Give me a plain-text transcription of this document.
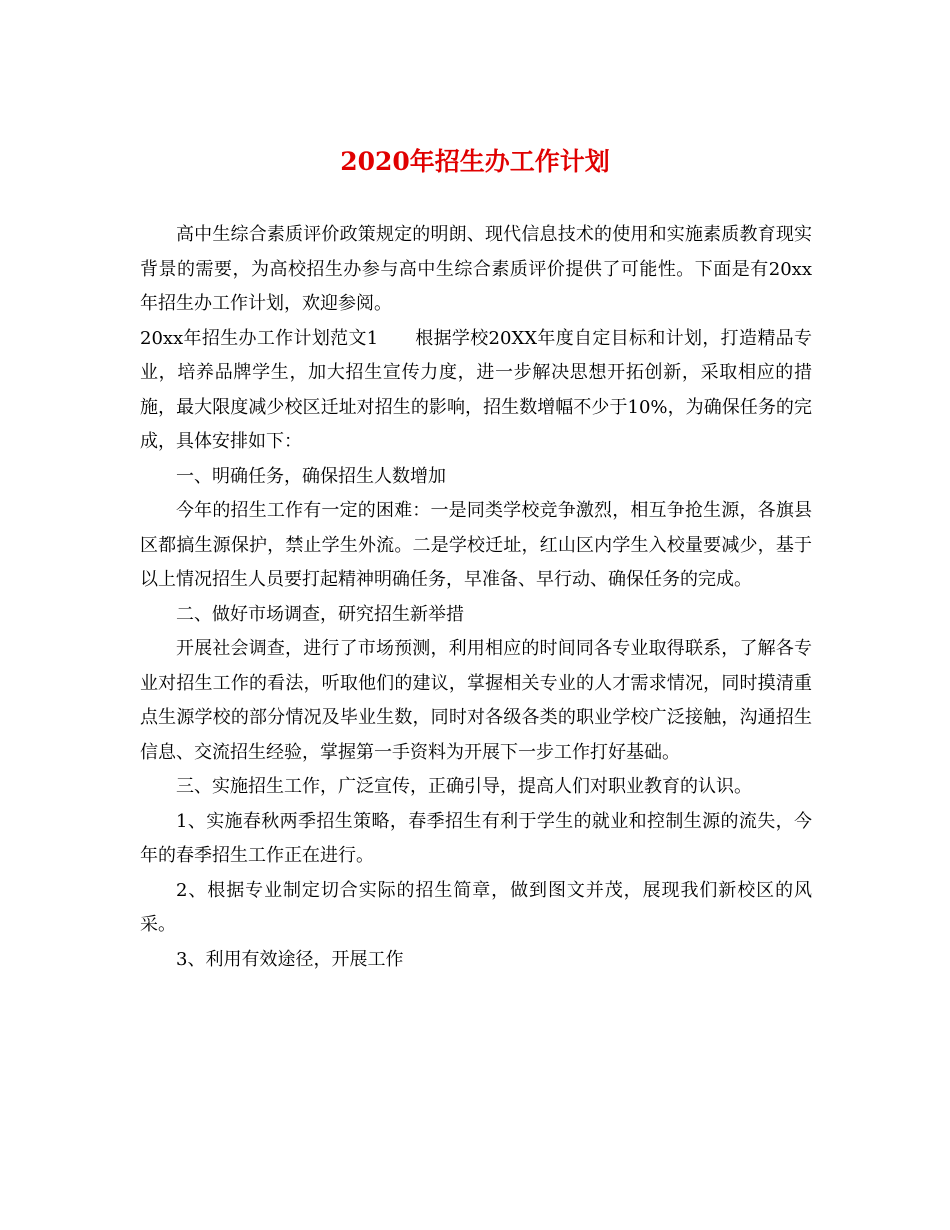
2020年招生办工作计划

高中生综合素质评价政策规定的明朗、现代信息技术的使用和实施素质教育现实背景的需要，为高校招生办参与高中生综合素质评价提供了可能性。下面是有20xx年招生办工作计划，欢迎参阅。

20xx年招生办工作计划范文1　　根据学校20XX年度自定目标和计划，打造精品专业，培养品牌学生，加大招生宣传力度，进一步解决思想开拓创新，采取相应的措施，最大限度减少校区迁址对招生的影响，招生数增幅不少于10%，为确保任务的完成，具体安排如下：

一、明确任务，确保招生人数增加

今年的招生工作有一定的困难：一是同类学校竞争激烈，相互争抢生源，各旗县区都搞生源保护，禁止学生外流。二是学校迁址，红山区内学生入校量要减少，基于以上情况招生人员要打起精神明确任务，早准备、早行动、确保任务的完成。

二、做好市场调查，研究招生新举措

开展社会调查，进行了市场预测，利用相应的时间同各专业取得联系，了解各专业对招生工作的看法，听取他们的建议，掌握相关专业的人才需求情况，同时摸清重点生源学校的部分情况及毕业生数，同时对各级各类的职业学校广泛接触，沟通招生信息、交流招生经验，掌握第一手资料为开展下一步工作打好基础。

三、实施招生工作，广泛宣传，正确引导，提高人们对职业教育的认识。

1、实施春秋两季招生策略，春季招生有利于学生的就业和控制生源的流失，今年的春季招生工作正在进行。

2、根据专业制定切合实际的招生简章，做到图文并茂，展现我们新校区的风采。

3、利用有效途径，开展工作
